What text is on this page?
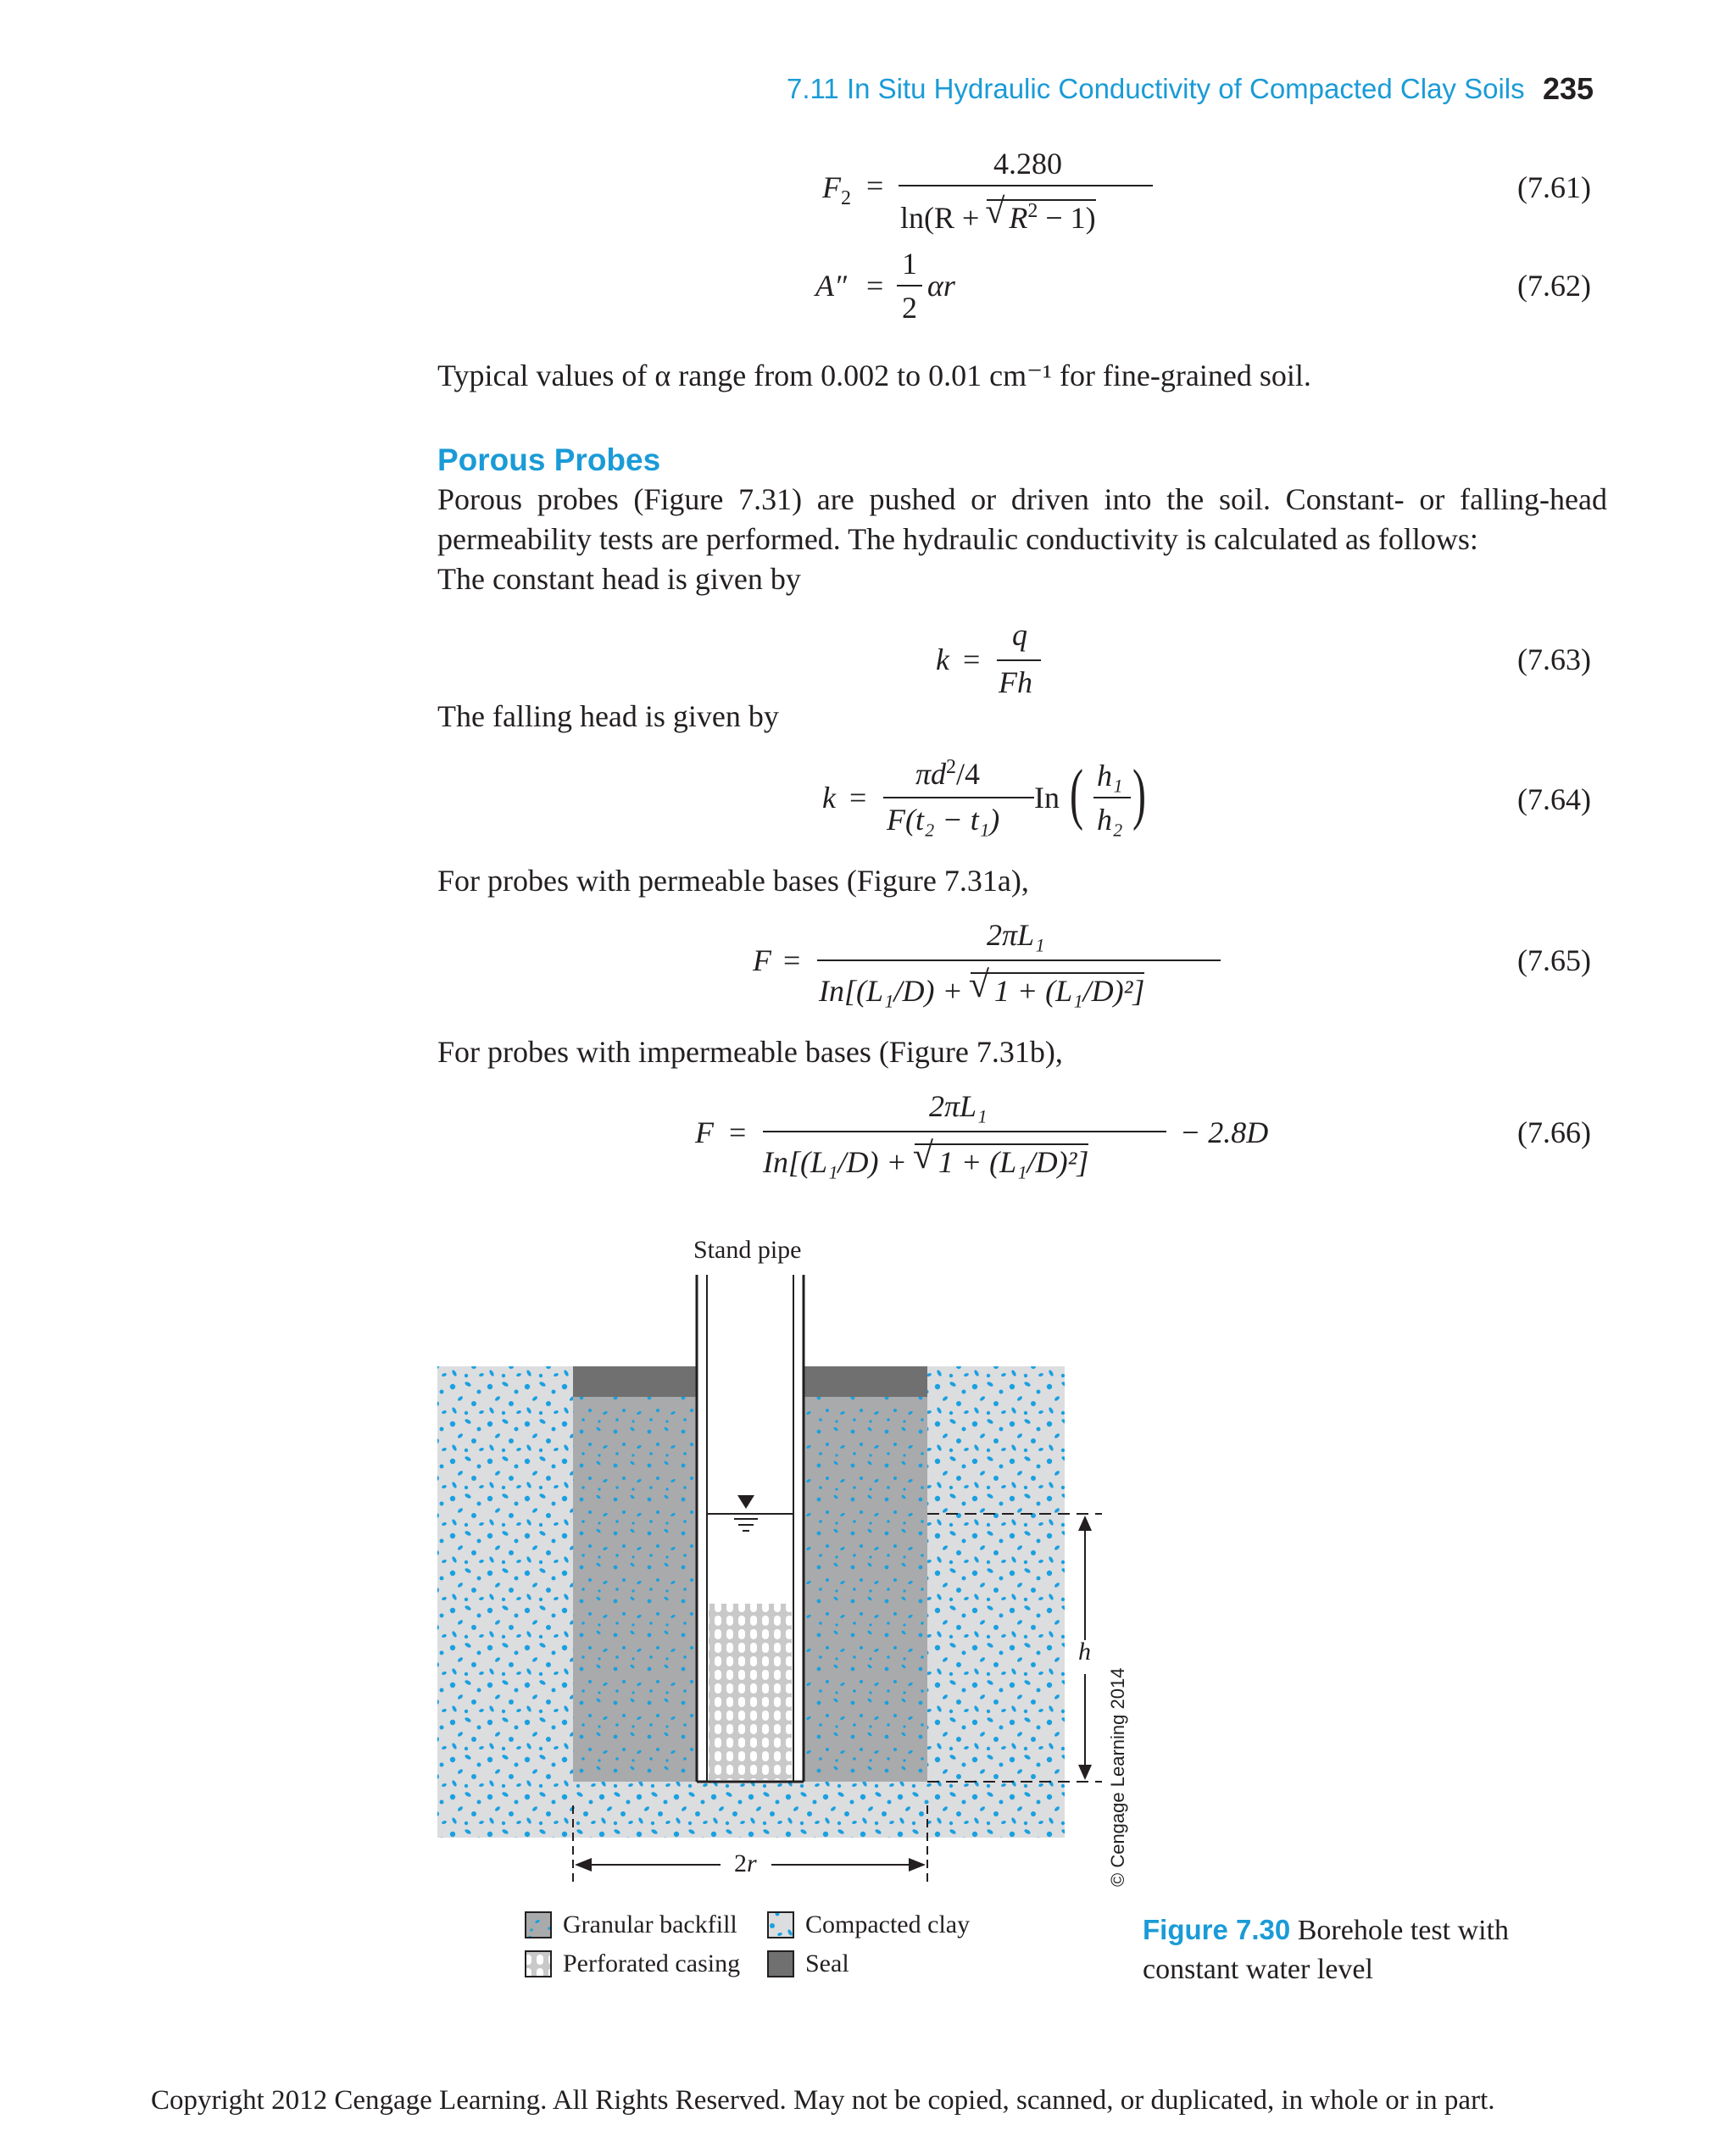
7.11 In Situ Hydraulic Conductivity of Compacted Clay Soils 235
$F_2$ =
4.280
ln(R +
√ $R^2 - 1$)
(7.61)
A″ =
1
2
αr	(7.62)
Typical values of α range from 0.002 to 0.01 cm⁻¹ for fine-grained soil.
Porous Probes
Porous probes (Figure 7.31) are pushed or driven into the soil. Constant- or falling-head
permeability tests are performed. The hydraulic conductivity is calculated as follows:
The constant head is given by
k =
q
Fh
(7.63)
The falling head is given by
k =
$\pi d^2/4$
F(t₂ − t₁)
In ( h₁
h₂ )	(7.64)
For probes with permeable bases (Figure 7.31a),
F =
2πL₁
In[(L₁/D) +
√ 1 + (L₁/D)²]
(7.65)
For probes with impermeable bases (Figure 7.31b),
F =
2πL₁
In[(L₁/D) +
√ 1 + (L₁/D)²]
− 2.8D	(7.66)
Stand pipe
h
2r	© Cengage Learning 2014
Granular backfill	Compacted clay
Perforated casing	Seal
Figure 7.30 Borehole test with
constant water level
Copyright 2012 Cengage Learning. All Rights Reserved. May not be copied, scanned, or duplicated, in whole or in part.
